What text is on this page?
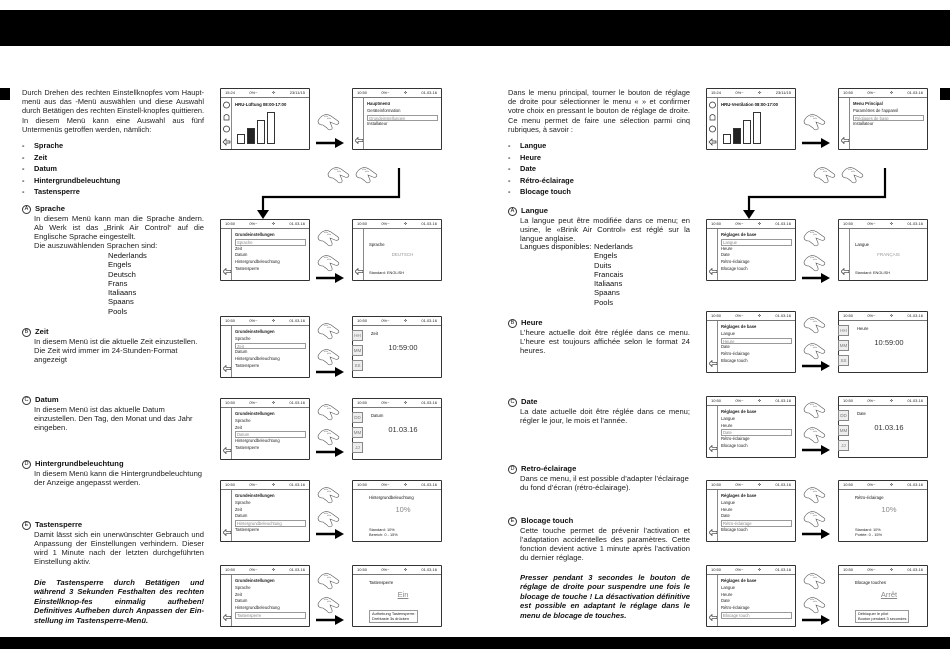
Durch Drehen des rechten Einstellknopfes vom Haupt-menü aus das -Menü auswählen und diese Auswahl durch Betätigen des rechten Einstell-knopfes quittieren. In diesem Menü kann eine Auswahl aus fünf Untermenüs getroffen werden, nämlich:
- Sprache
- Zeit
- Datum
- Hintergrundbeleuchtung
- Tastensperre
A Sprache
In diesem Menü kann man die Sprache ändern. Ab Werk ist das „Brink Air Control“ auf die Englische Sprache eingestellt.
Die auszuwählenden Sprachen sind:
Nederlands
Engels
Deutsch
Frans
Italiaans
Spaans
Pools
B Zeit
In diesem Menü ist die aktuelle Zeit einzustellen. Die Zeit wird immer im 24-Stunden-Format angezeigt
C Datum
In diesem Menü ist das aktuelle Datum einzustellen. Den Tag, den Monat und das Jahr eingeben.
D Hintergrundbeleuchtung
In diesem Menü kann die Hintergrundbeleuchtung der Anzeige angepasst werden.
E Tastensperre
Damit lässt sich ein unerwünschter Gebrauch und Anpassung der Einstellungen verhindern. Dieser wird 1 Minute nach der letzten durchgeführten Einstellung aktiv.
Die Tastensperre durch Betätigen und während 3 Sekunden Festhalten des rechten Einstellknop-fes einmalig aufheben! Definitives Aufheben durch Anpassen der Ein-stellung im Tastensperre-Menü.
Dans le menu principal, tourner le bouton de réglage de droite pour sélectionner le menu « » et confirmer votre choix en pressant le bouton de réglage de droite. Ce menu permet de faire une sélection parmi cinq rubriques, à savoir :
- Langue
- Heure
- Date
- Rétro-éclairage
- Blocage touch
A Langue
La langue peut être modifiée dans ce menu; en usine, le «Brink Air Control» est réglé sur la langue anglaise.
Langues disponibles: Nederlands
Engels
Duits
Francais
Italiaans
Spaans
Pools
B Heure
L’heure actuelle doit être réglée dans ce menu. L’heure est toujours affichée selon le format 24 heures.
C Date
La date actuelle doit être réglée dans ce menu; régler le jour, le mois et l’année.
D Retro-éclairage
Dans ce menu, il est possible d’adapter l’éclairage du fond d’écran (rétro-éclairage).
E Blocage touch
Cette touche permet de prévenir l’activation et l’adaptation accidentelles des paramètres. Cette fonction devient active 1 minute après l’activation du dernier réglage.
Presser pendant 3 secondes le bouton de réglage de droite pour suspendre une fois le blocage de touche ! La désactivation définitive est possible en adaptant le réglage dans le menu de blocage de touches.
15:24	0%~	✣	23/11/15
HRU-Lüftung 08:00-17:00
10:50	0%~	✣	01.03.16
Hauptmenü
Geräteinformation
Grundeinstellungen
Installateur
10:50	0%~	✣	01.03.16
Grundeinstellungen
Sprache
Zeit
Datum
Hintergrundbeleuchtung
Tastensperre
10:50	0%~	✣	01.03.16
Grundeinstellungen
Sprache
Zeit
Datum
Hintergrundbeleuchtung
Tastensperre
10:50	0%~	✣	01.03.16
Grundeinstellungen
Sprache
Zeit
Datum
Hintergrundbeleuchtung
Tastensperre
10:50	0%~	✣	01.03.16
Grundeinstellungen
Sprache
Zeit
Datum
Hintergrundbeleuchtung
Tastensperre
10:50	0%~	✣	01.03.16
Grundeinstellungen
Sprache
Zeit
Datum
Hintergrundbeleuchtung
Tastensperre
10:50	0%~	✣	01.03.16
Sprache
DEUTSCH
Standard: ENGLISH
10:50	0%~	✣	01.03.16
HH
MM
SS
Zeit
10:59:00
10:50	0%~	✣	01.03.16
DD
MM
JJ
Datum
01.03.16
10:50	0%~	✣	01.03.16
Hintergrundbeleuchtung
10%
Standard: 10%
Bereich: 0 - 15%
10:50	0%~	✣	01.03.16
Tastensperre
Ein
Aufhebung Tastensperre:
Drehtaste 3s drücken
15:24	0%~	✣	23/11/15
HRU-Ventilation 08:00-17:00
10:50	0%~	✣	01.03.16
Menu Principal
Paramètres de l'appareil
Réglages de base
Installateur
10:50	0%~	✣	01.03.16
Réglages de base
Langue
Heure
Date
Rétro-éclairage
Blocage touch
10:50	0%~	✣	01.03.16
Réglages de base
Langue
Heure
Date
Rétro-éclairage
Blocage touch
10:50	0%~	✣	01.03.16
Réglages de base
Langue
Heure
Date
Rétro-éclairage
Blocage touch
10:50	0%~	✣	01.03.16
Réglages de base
Langue
Heure
Date
Rétro-éclairage
Blocage touch
10:50	0%~	✣	01.03.16
Réglages de base
Langue
Heure
Date
Rétro-éclairage
Blocage touch
10:50	0%~	✣	01.03.16
Langue
FRANÇAIS
Standard: ENGLISH
10:50	0%~	✣	01.03.16
HH
MM
SS
Heure
10:59:00
10:50	0%~	✣	01.03.16
DD
MM
JJ
Date
01.03.16
10:50	0%~	✣	01.03.16
Rétro-éclairage
10%
Standard: 10%
Portée: 0 - 15%
10:50	0%~	✣	01.03.16
Blocage touches
Arrêt
Débloquer le pilot
Bouton pendant 3 secondes
